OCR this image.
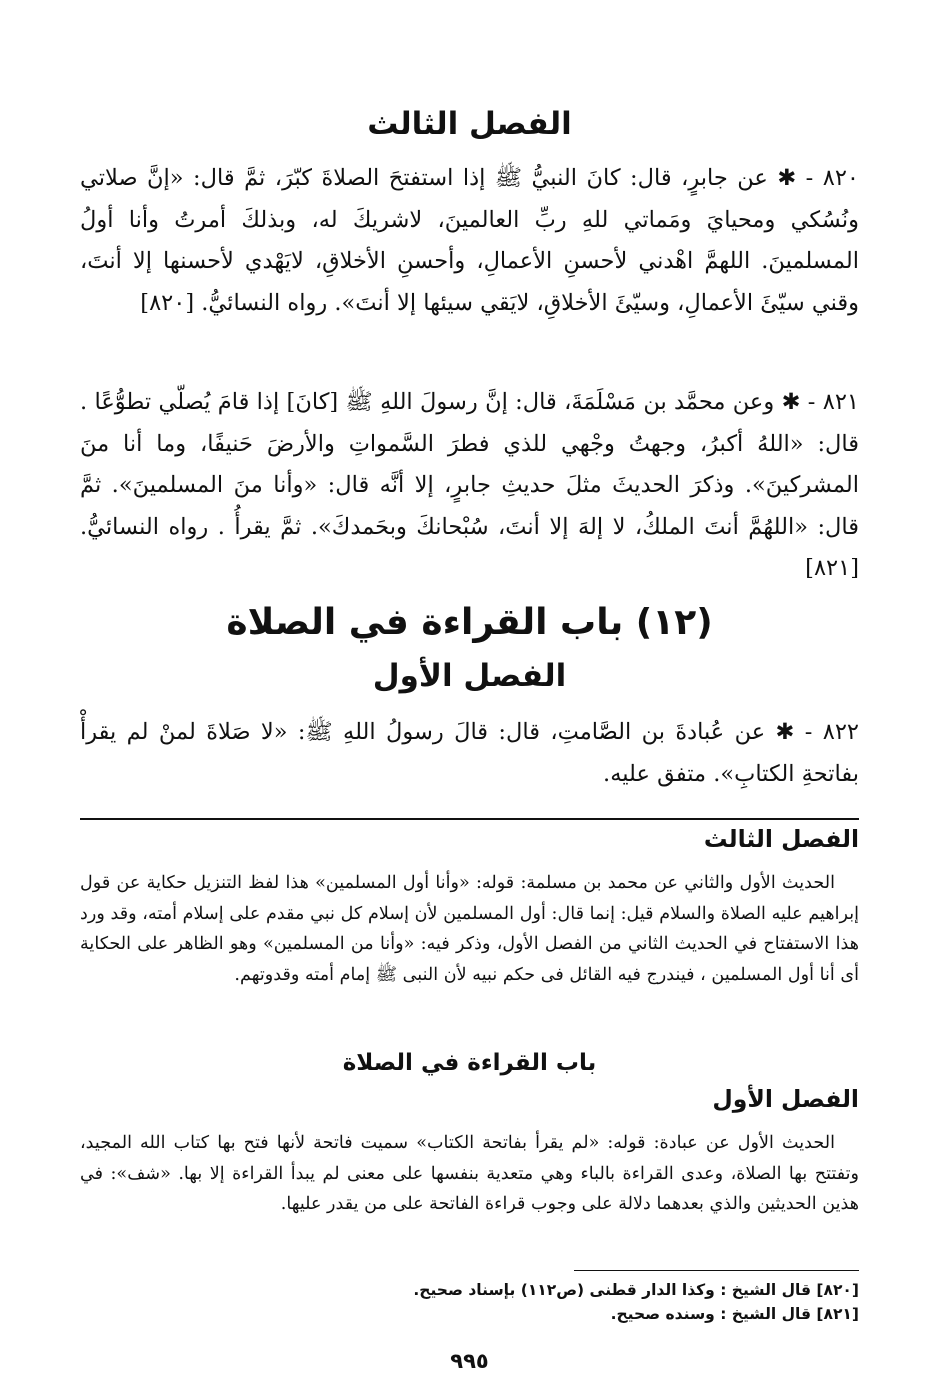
الفصل الثالث

٨٢٠ - ✱ عن جابرٍ، قال: كانَ النبيُّ ﷺ إذا استفتحَ الصلاةَ كبّرَ، ثمَّ قال: «إنَّ صلاتي ونُسُكي ومحيايَ ومَماتي للهِ ربِّ العالمينَ، لاشريكَ له، وبذلكَ أمرتُ وأنا أولُ المسلمينَ. اللهمَّ اهْدني لأحسنِ الأعمالِ، وأحسنِ الأخلاقِ، لايَهْدي لأحسنها إلا أنتَ، وقني سيّئَ الأعمالِ، وسيّئَ الأخلاقِ، لايَقي سيئها إلا أنتَ». رواه النسائيُّ. [٨٢٠]

٨٢١ - ✱ وعن محمَّد بن مَسْلَمَةَ، قال: إنَّ رسولَ اللهِ ﷺ [كانَ] إذا قامَ يُصلّي تطوُّعًا . قال: «اللهُ أكبرُ، وجهتُ وجْهي للذي فطرَ السَّمواتِ والأرضَ حَنيفًا، وما أنا منَ المشركينَ». وذكرَ الحديثَ مثلَ حديثِ جابرٍ، إلا أنَّه قال: «وأنا منَ المسلمينَ». ثمَّ قال: «اللهُمَّ أنتَ الملكُ، لا إلهَ إلا أنتَ، سُبْحانكَ وبحَمدكَ». ثمَّ يقرأُ . رواه النسائيُّ. [٨٢١]

(١٢) باب القراءة في الصلاة
الفصل الأول

٨٢٢ - ✱ عن عُبادةَ بن الصَّامتِ، قال: قالَ رسولُ اللهِ ﷺ: «لا صَلاةَ لمنْ لم يقرأْ بفاتحةِ الكتابِ». متفق عليه.

الفصل الثالث

الحديث الأول والثاني عن محمد بن مسلمة: قوله: «وأنا أول المسلمين» هذا لفظ التنزيل حكاية عن قول إبراهيم عليه الصلاة والسلام قيل: إنما قال: أول المسلمين لأن إسلام كل نبي مقدم على إسلام أمته، وقد ورد هذا الاستفتاح في الحديث الثاني من الفصل الأول، وذكر فيه: «وأنا من المسلمين» وهو الظاهر على الحكاية أى أنا أول المسلمين ، فيندرج فيه القائل فى حكم نبيه لأن النبى ﷺ إمام أمته وقدوتهم.

باب القراءة في الصلاة
الفصل الأول

الحديث الأول عن عبادة: قوله: «لم يقرأ بفاتحة الكتاب» سميت فاتحة لأنها فتح بها كتاب الله المجيد، وتفتتح بها الصلاة، وعدى القراءة بالباء وهي متعدية بنفسها على معنى لم يبدأ القراءة إلا بها. «شف»: في هذين الحديثين والذي بعدهما دلالة على وجوب قراءة الفاتحة على من يقدر عليها.

[٨٢٠] قال الشيخ : وكذا الدار قطنى (ص١١٢) بإسناد صحيح.
[٨٢١] قال الشيخ : وسنده صحيح.
٩٩٥
